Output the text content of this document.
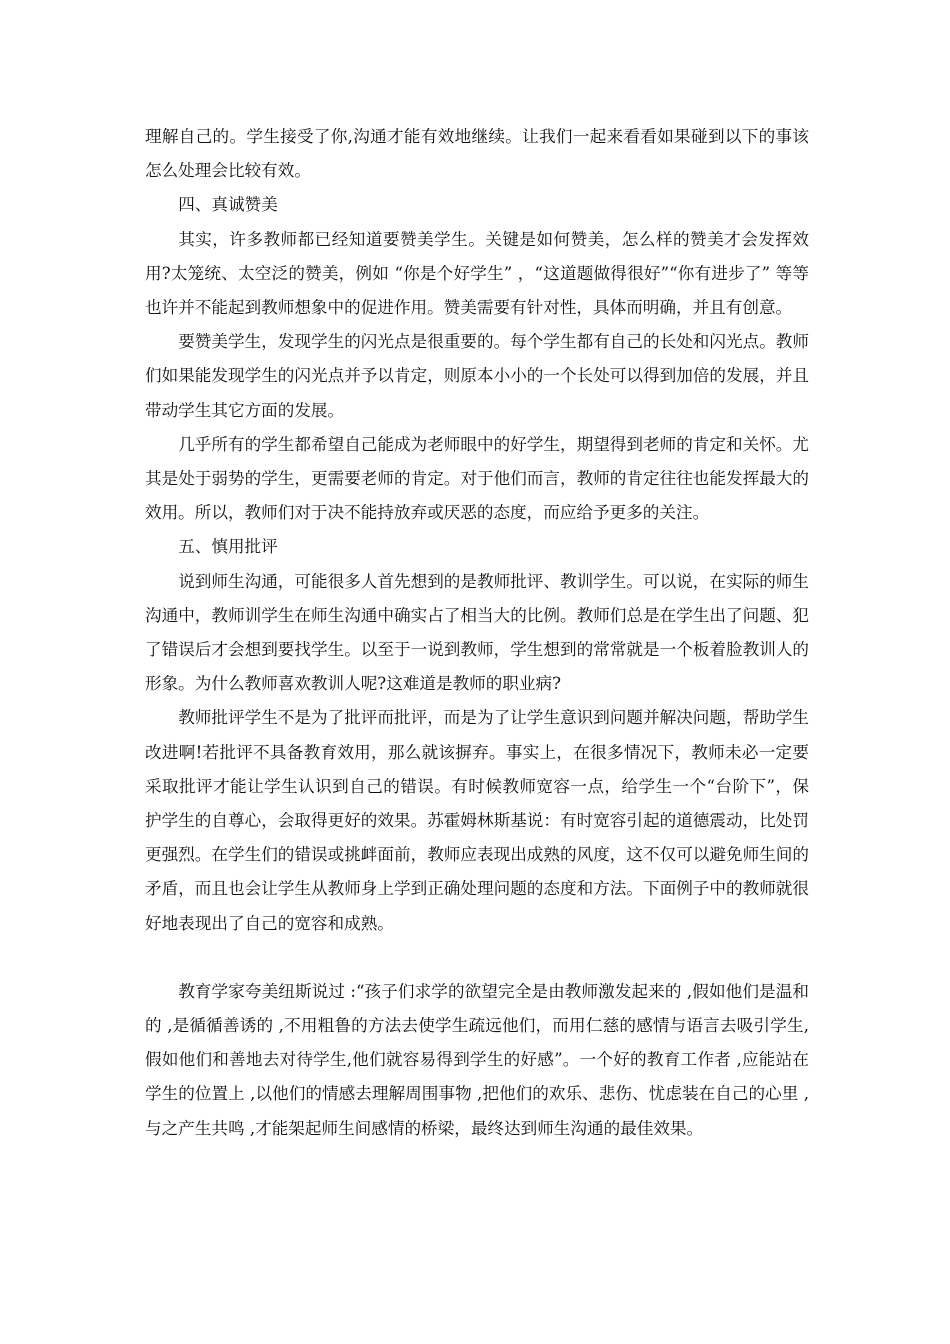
理解自己的。学生接受了你,沟通才能有效地继续。让我们一起来看看如果碰到以下的事该怎么处理会比较有效。

四、真诚赞美

其实，许多教师都已经知道要赞美学生。关键是如何赞美，怎么样的赞美才会发挥效用?太笼统、太空泛的赞美，例如 “你是个好学生” ，“这道题做得很好”“你有进步了” 等等也许并不能起到教师想象中的促进作用。赞美需要有针对性，具体而明确，并且有创意。

要赞美学生，发现学生的闪光点是很重要的。每个学生都有自己的长处和闪光点。教师们如果能发现学生的闪光点并予以肯定，则原本小小的一个长处可以得到加倍的发展，并且带动学生其它方面的发展。

几乎所有的学生都希望自己能成为老师眼中的好学生，期望得到老师的肯定和关怀。尤其是处于弱势的学生，更需要老师的肯定。对于他们而言，教师的肯定往往也能发挥最大的效用。所以，教师们对于决不能持放弃或厌恶的态度，而应给予更多的关注。

五、慎用批评

说到师生沟通，可能很多人首先想到的是教师批评、教训学生。可以说，在实际的师生沟通中，教师训学生在师生沟通中确实占了相当大的比例。教师们总是在学生出了问题、犯了错误后才会想到要找学生。以至于一说到教师，学生想到的常常就是一个板着脸教训人的形象。为什么教师喜欢教训人呢?这难道是教师的职业病?

教师批评学生不是为了批评而批评，而是为了让学生意识到问题并解决问题，帮助学生改进啊!若批评不具备教育效用，那么就该摒弃。事实上，在很多情况下，教师未必一定要采取批评才能让学生认识到自己的错误。有时候教师宽容一点，给学生一个“台阶下”，保护学生的自尊心，会取得更好的效果。苏霍姆林斯基说：有时宽容引起的道德震动，比处罚更强烈。在学生们的错误或挑衅面前，教师应表现出成熟的风度，这不仅可以避免师生间的矛盾，而且也会让学生从教师身上学到正确处理问题的态度和方法。下面例子中的教师就很好地表现出了自己的宽容和成熟。

教育学家夸美纽斯说过 :“孩子们求学的欲望完全是由教师激发起来的 ,假如他们是温和的 ,是循循善诱的 ,不用粗鲁的方法去使学生疏远他们，而用仁慈的感情与语言去吸引学生,假如他们和善地去对待学生,他们就容易得到学生的好感”。一个好的教育工作者 ,应能站在学生的位置上 ,以他们的情感去理解周围事物 ,把他们的欢乐、悲伤、忧虑装在自己的心里 ,与之产生共鸣 ,才能架起师生间感情的桥梁，最终达到师生沟通的最佳效果。
